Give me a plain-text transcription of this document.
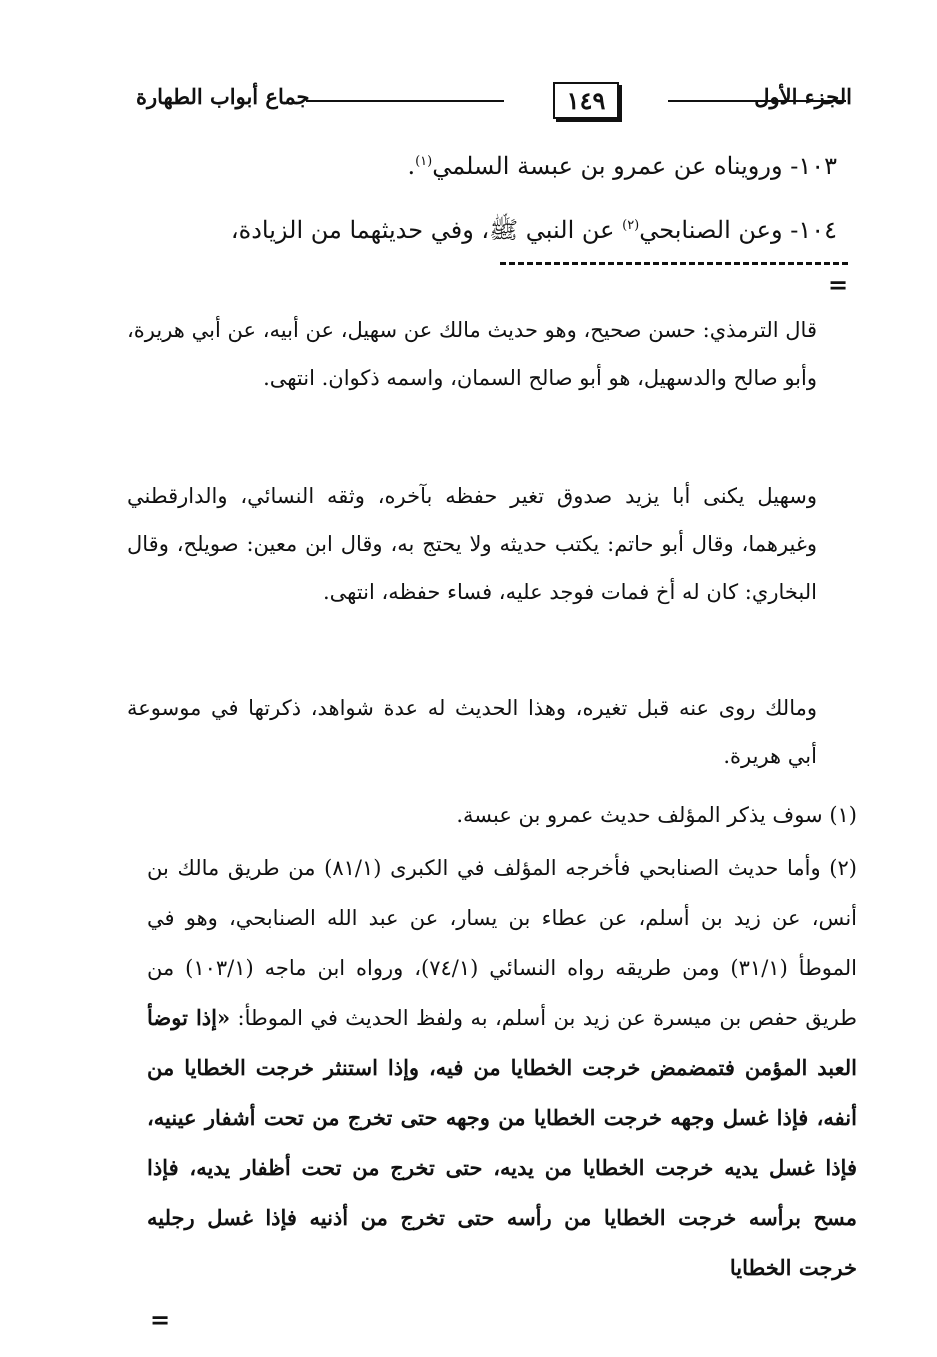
الجزء الأول
١٤٩
جماع أبواب الطهارة
١٠٣- ورويناه عن عمرو بن عبسة السلمي$^{(١)}$.
١٠٤- وعن الصنابحي$^{(٢)}$ عن النبي ﷺ، وفي حديثهما من الزيادة،
=
قال الترمذي: حسن صحيح، وهو حديث مالك عن سهيل، عن أبيه، عن أبي هريرة، وأبو صالح والدسهيل، هو أبو صالح السمان، واسمه ذكوان. انتهى.
وسهيل يكنى أبا يزيد صدوق تغير حفظه بآخره، وثقه النسائي، والدارقطني وغيرهما، وقال أبو حاتم: يكتب حديثه ولا يحتج به، وقال ابن معين: صويلح، وقال البخاري: كان له أخ فمات فوجد عليه، فساء حفظه، انتهى.
ومالك روى عنه قبل تغيره، وهذا الحديث له عدة شواهد، ذكرتها في موسوعة أبي هريرة.
(١) سوف يذكر المؤلف حديث عمرو بن عبسة.
(٢) وأما حديث الصنابحي فأخرجه المؤلف في الكبرى (٨١/١) من طريق مالك بن أنس، عن زيد بن أسلم، عن عطاء بن يسار، عن عبد الله الصنابحي، وهو في الموطأ (٣١/١) ومن طريقه رواه النسائي (٧٤/١)، ورواه ابن ماجه (١٠٣/١) من طريق حفص بن ميسرة عن زيد بن أسلم، به ولفظ الحديث في الموطأ: «إذا توضأ العبد المؤمن فتمضمض خرجت الخطايا من فيه، وإذا استنثر خرجت الخطايا من أنفه، فإذا غسل وجهه خرجت الخطايا من وجهه حتى تخرج من تحت أشفار عينيه، فإذا غسل يديه خرجت الخطايا من يديه، حتى تخرج من تحت أظفار يديه، فإذا مسح برأسه خرجت الخطايا من رأسه حتى تخرج من أذنيه فإذا غسل رجليه خرجت الخطايا
=
